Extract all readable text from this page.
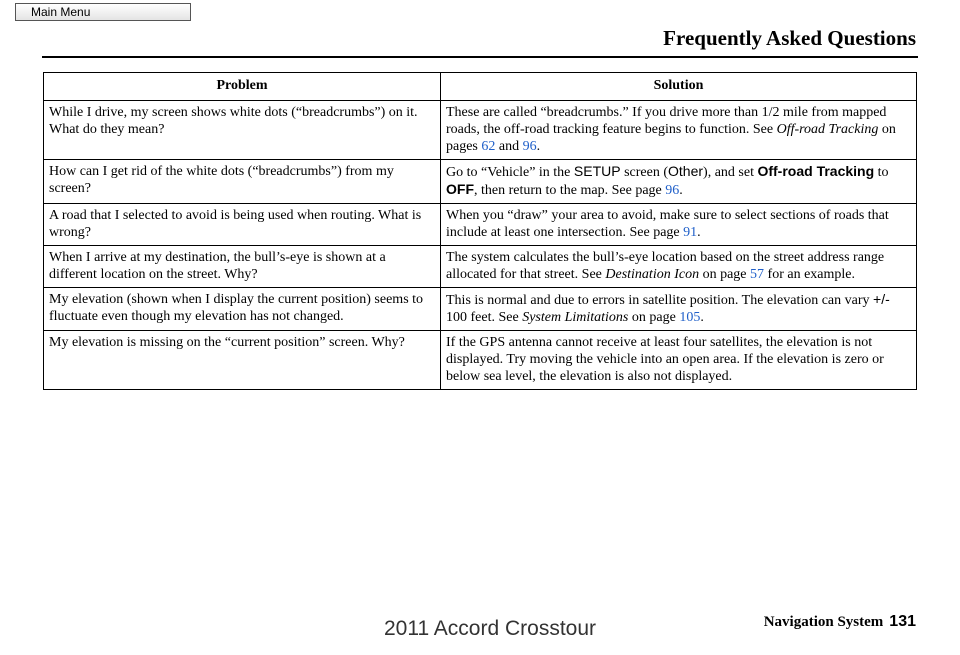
Main Menu
Frequently Asked Questions
Problem	Solution
While I drive, my screen shows white dots (“breadcrumbs”) on it. What do they mean?	These are called “breadcrumbs.” If you drive more than 1/2 mile from mapped roads, the off-road tracking feature begins to function. See Off-road Tracking on pages 62 and 96.
How can I get rid of the white dots (“breadcrumbs”) from my screen?	Go to “Vehicle” in the SETUP screen (Other), and set Off-road Tracking to OFF, then return to the map. See page 96.
A road that I selected to avoid is being used when routing. What is wrong?	When you “draw” your area to avoid, make sure to select sections of roads that include at least one intersection. See page 91.
When I arrive at my destination, the bull’s-eye is shown at a different location on the street. Why?	The system calculates the bull’s-eye location based on the street address range allocated for that street. See Destination Icon on page 57 for an example.
My elevation (shown when I display the current position) seems to fluctuate even though my elevation has not changed.	This is normal and due to errors in satellite position. The elevation can vary +/- 100 feet. See System Limitations on page 105.
My elevation is missing on the “current position” screen. Why?	If the GPS antenna cannot receive at least four satellites, the elevation is not displayed. Try moving the vehicle into an open area. If the elevation is zero or below sea level, the elevation is also not displayed.
Navigation System 131
2011 Accord Crosstour
